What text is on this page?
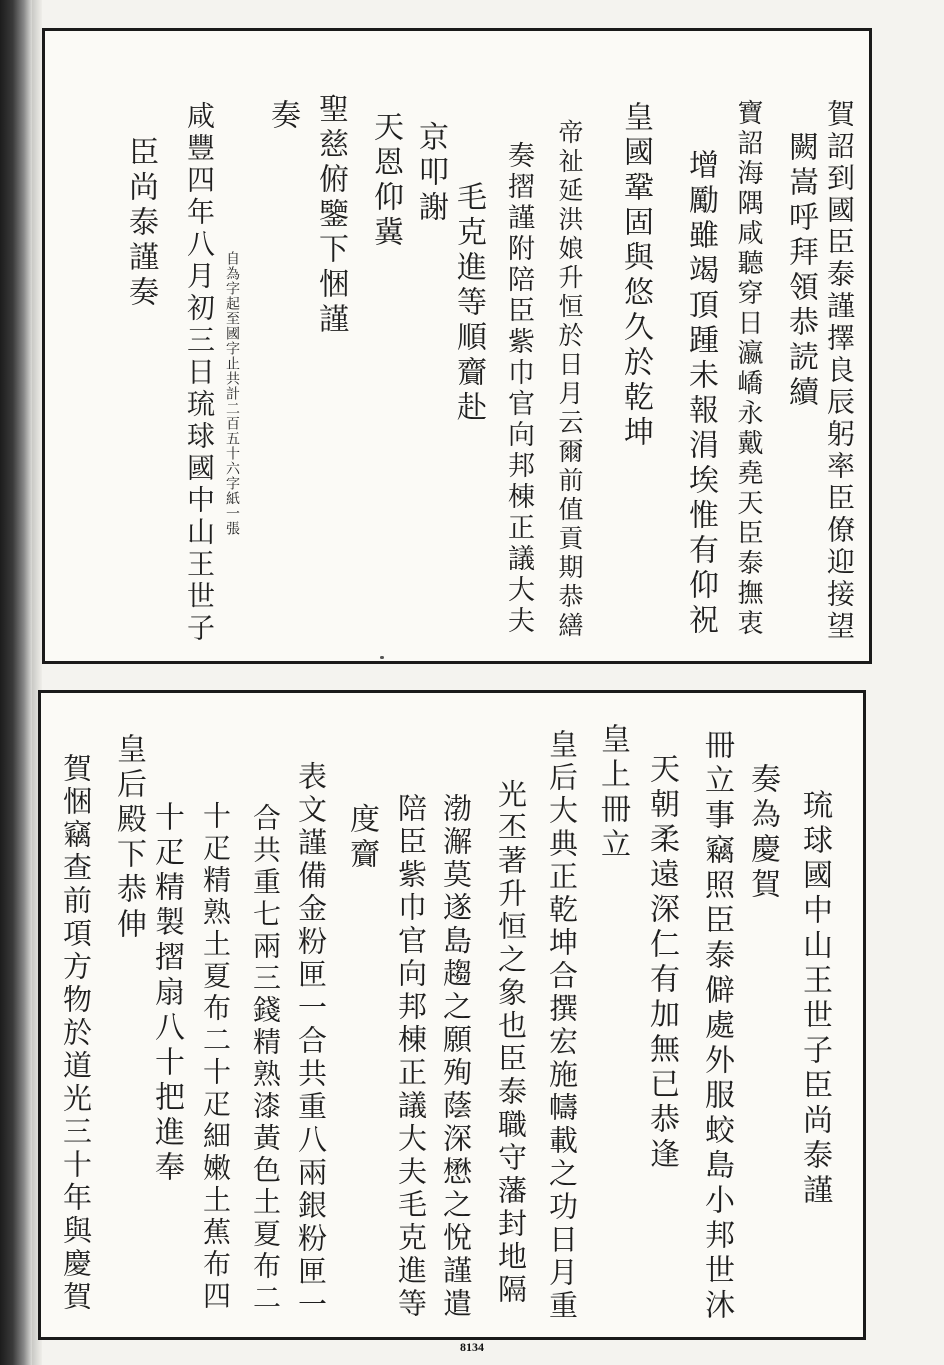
賀詔到國臣泰謹擇良辰躬率臣僚迎接望
闕嵩呼拜領恭読續
寶詔海隅咸聽穿日瀛嶠永戴堯天臣泰撫衷
增勵雖竭頂踵未報涓埃惟有仰祝
皇國鞏固與悠久於乾坤
帝祉延洪娘升恒於日月云爾前值貢期恭繕
奏摺謹附陪臣紫巾官向邦棟正議大夫
毛克進等順齎赴
京叩謝
天恩仰冀
聖慈俯鑒下悃謹
奏
自為字起至國字止共計二百五十六字紙一張
咸豐四年八月初三日琉球國中山王世子
臣尚泰謹奏
琉球國中山王世子臣尚泰謹
奏為慶賀
冊立事竊照臣泰僻處外服蛟島小邦世沐
天朝柔遠深仁有加無已恭逢
皇上冊立
皇后大典正乾坤合撰宏施幬載之功日月重
光丕著升恒之象也臣泰職守藩封地隔
渤澥莫遂島趨之願殉蔭深懋之悅謹遣
陪臣紫巾官向邦棟正議大夫毛克進等
度齎
表文謹備金粉匣一合共重八兩銀粉匣一
合共重七兩三錢精熟漆黃色土夏布二
十疋精熟土夏布二十疋細嫩土蕉布四
十疋精製摺扇八十把進奉
皇后殿下恭伸
賀悃竊查前項方物於道光三十年與慶賀
8134
